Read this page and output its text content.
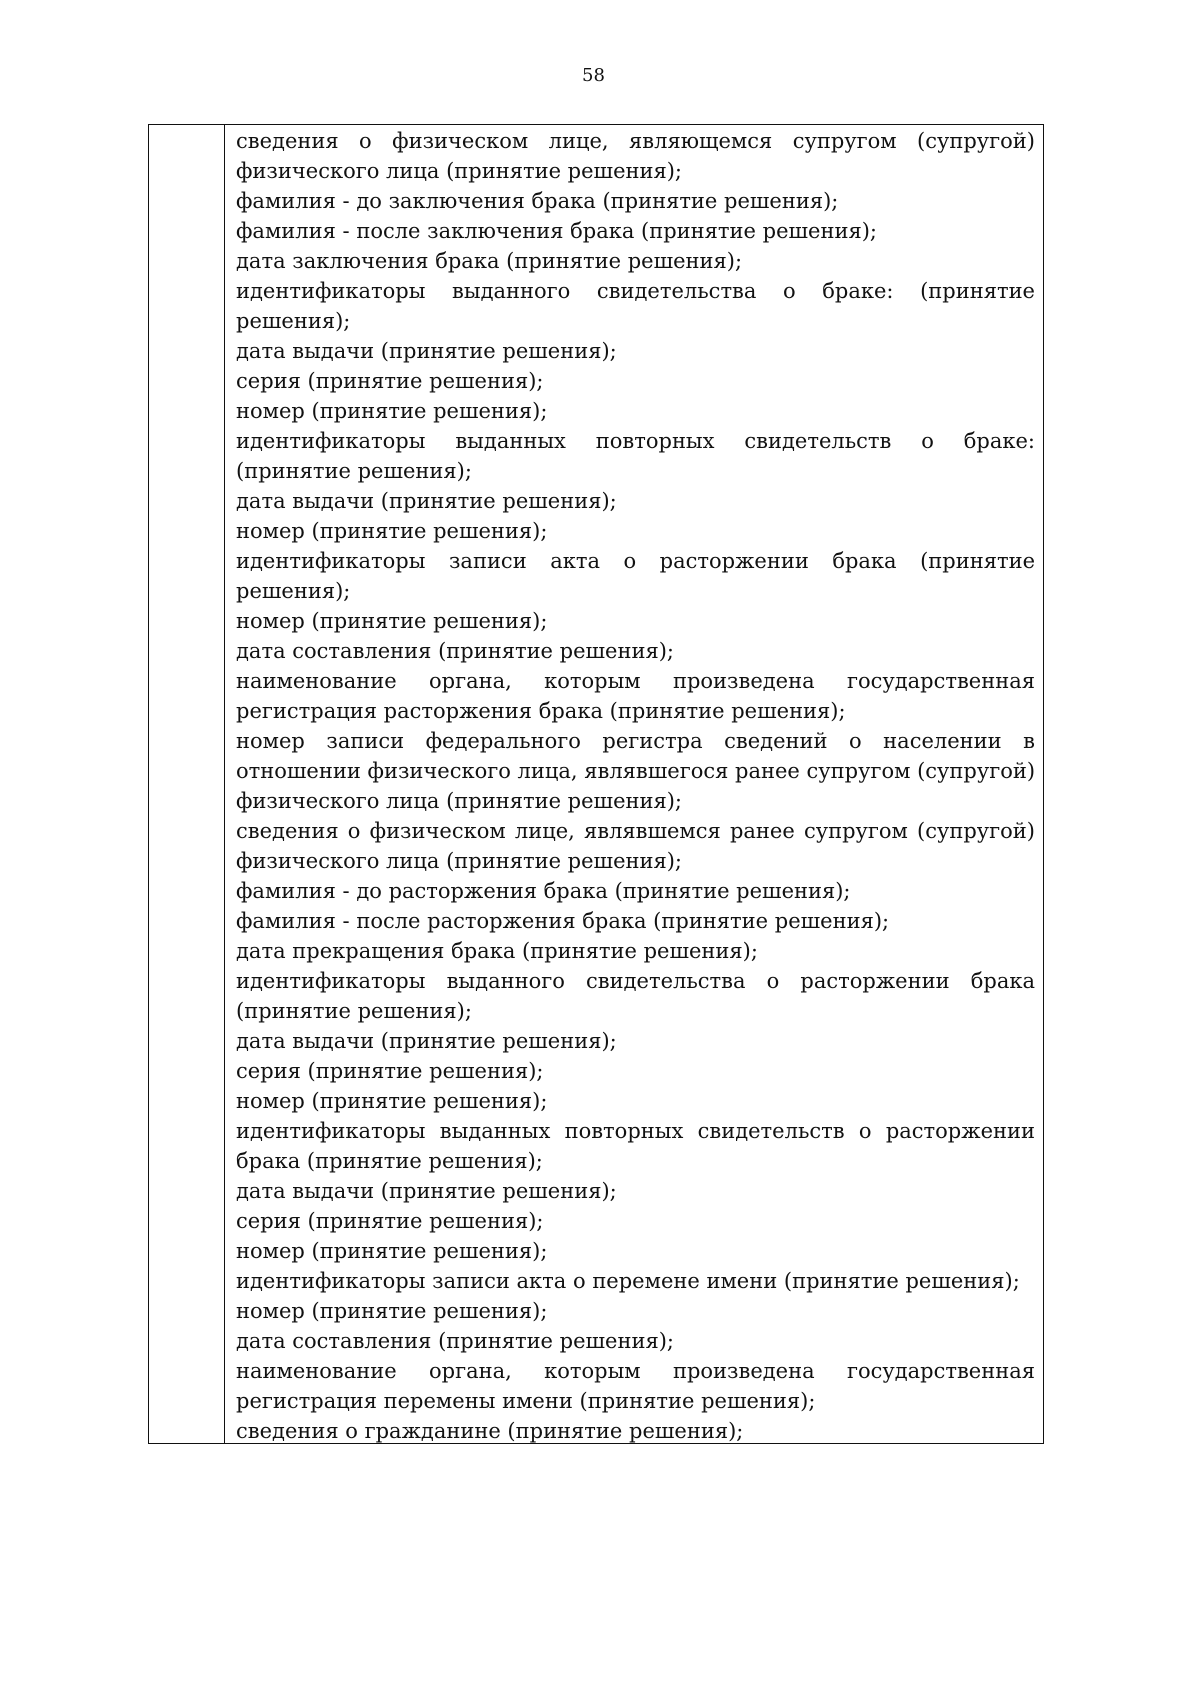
58
сведения о физическом лице, являющемся супругом (супругой)
физического лица (принятие решения);
фамилия - до заключения брака (принятие решения);
фамилия - после заключения брака (принятие решения);
дата заключения брака (принятие решения);
идентификаторы выданного свидетельства о браке: (принятие
решения);
дата выдачи (принятие решения);
серия (принятие решения);
номер (принятие решения);
идентификаторы выданных повторных свидетельств о браке:
(принятие решения);
дата выдачи (принятие решения);
номер (принятие решения);
идентификаторы записи акта о расторжении брака (принятие
решения);
номер (принятие решения);
дата составления (принятие решения);
наименование органа, которым произведена государственная
регистрация расторжения брака (принятие решения);
номер записи федерального регистра сведений о населении в
отношении физического лица, являвшегося ранее супругом (супругой)
физического лица (принятие решения);
сведения о физическом лице, являвшемся ранее супругом (супругой)
физического лица (принятие решения);
фамилия - до расторжения брака (принятие решения);
фамилия - после расторжения брака (принятие решения);
дата прекращения брака (принятие решения);
идентификаторы выданного свидетельства о расторжении брака
(принятие решения);
дата выдачи (принятие решения);
серия (принятие решения);
номер (принятие решения);
идентификаторы выданных повторных свидетельств о расторжении
брака (принятие решения);
дата выдачи (принятие решения);
серия (принятие решения);
номер (принятие решения);
идентификаторы записи акта о перемене имени (принятие решения);
номер (принятие решения);
дата составления (принятие решения);
наименование органа, которым произведена государственная
регистрация перемены имени (принятие решения);
сведения о гражданине (принятие решения);
